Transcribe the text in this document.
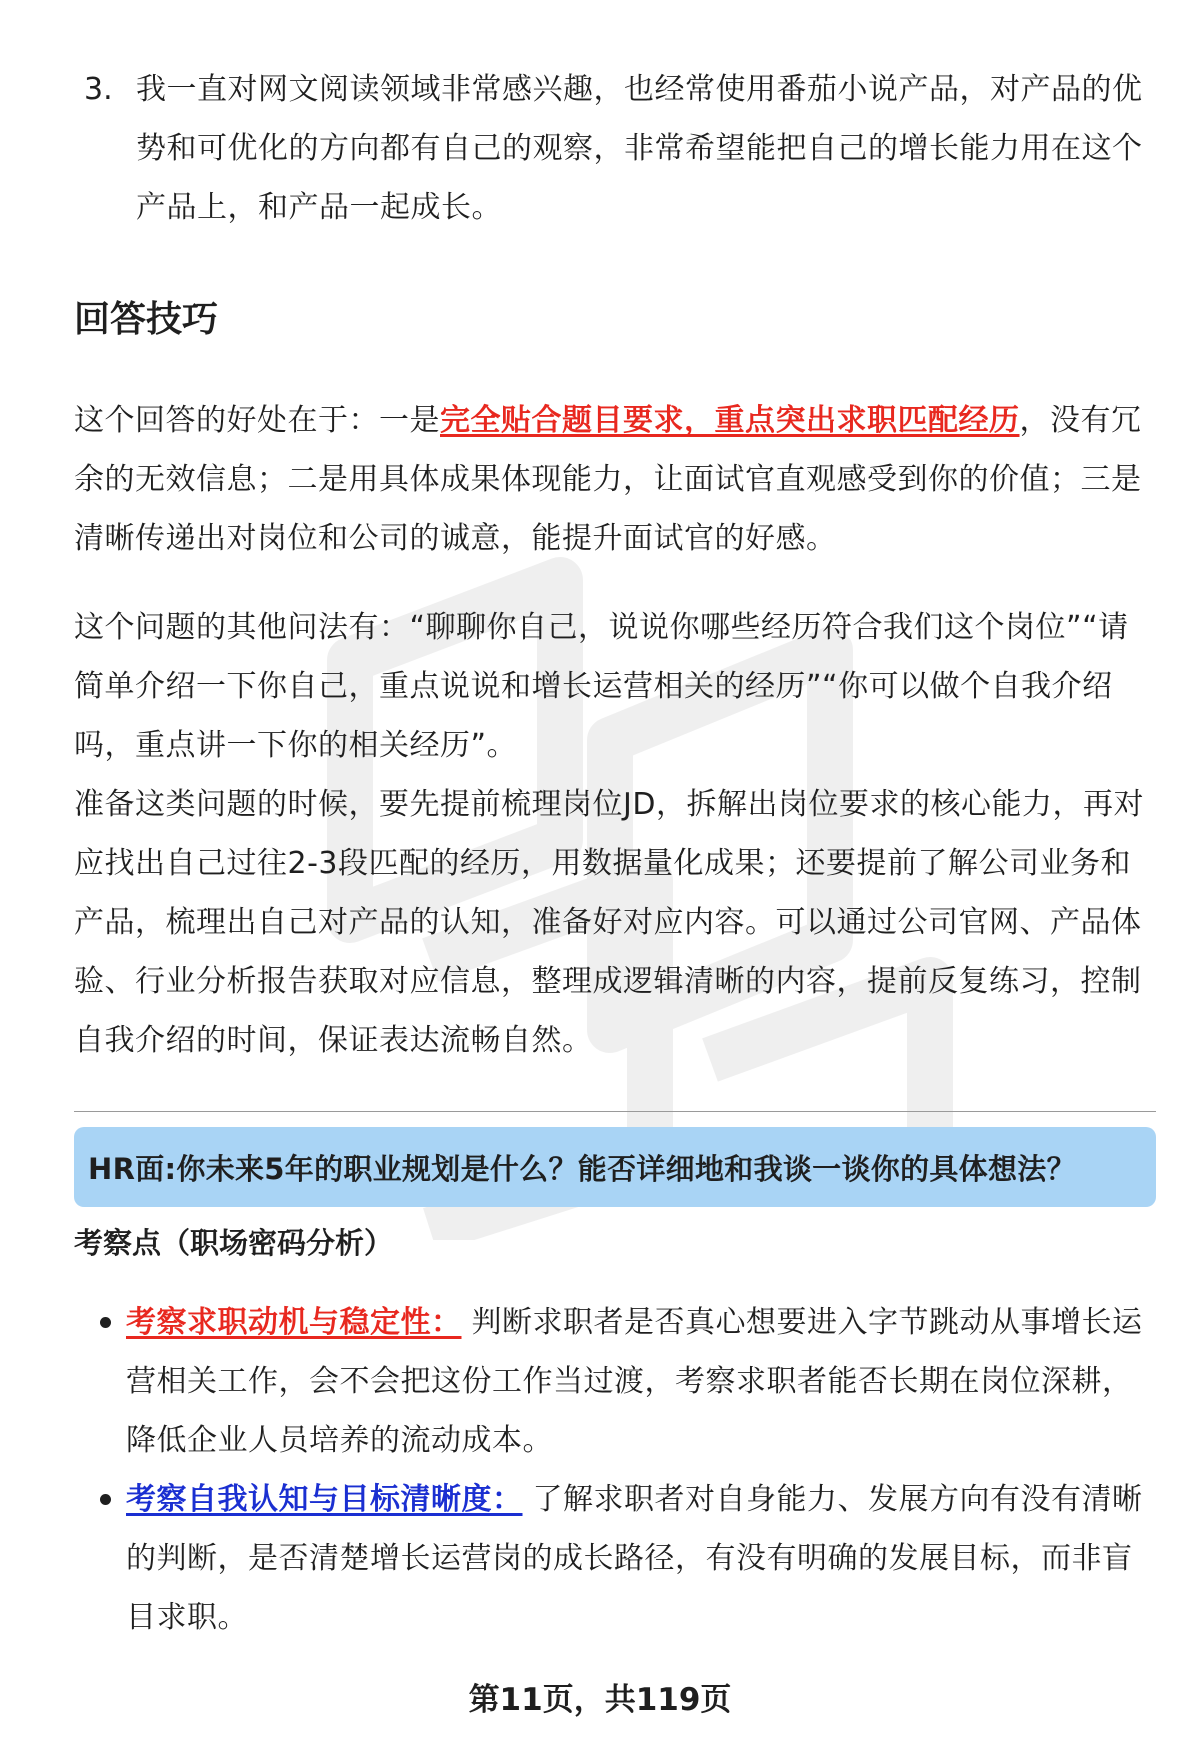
3. 我一直对网文阅读领域非常感兴趣，也经常使用番茄小说产品，对产品的优势和可优化的方向都有自己的观察，非常希望能把自己的增长能力用在这个产品上，和产品一起成长。
回答技巧

这个回答的好处在于：一是完全贴合题目要求，重点突出求职匹配经历，没有冗余的无效信息；二是用具体成果体现能力，让面试官直观感受到你的价值；三是清晰传递出对岗位和公司的诚意，能提升面试官的好感。

这个问题的其他问法有：“聊聊你自己，说说你哪些经历符合我们这个岗位”“请简单介绍一下你自己，重点说说和增长运营相关的经历”“你可以做个自我介绍吗，重点讲一下你的相关经历”。

准备这类问题的时候，要先提前梳理岗位JD，拆解出岗位要求的核心能力，再对应找出自己过往2-3段匹配的经历，用数据量化成果；还要提前了解公司业务和产品，梳理出自己对产品的认知，准备好对应内容。可以通过公司官网、产品体验、行业分析报告获取对应信息，整理成逻辑清晰的内容，提前反复练习，控制自我介绍的时间，保证表达流畅自然。

HR面:你未来5年的职业规划是什么？能否详细地和我谈一谈你的具体想法？
考察点（职场密码分析）
考察求职动机与稳定性： 判断求职者是否真心想要进入字节跳动从事增长运营相关工作，会不会把这份工作当过渡，考察求职者能否长期在岗位深耕，降低企业人员培养的流动成本。
考察自我认知与目标清晰度： 了解求职者对自身能力、发展方向有没有清晰的判断，是否清楚增长运营岗的成长路径，有没有明确的发展目标，而非盲目求职。
第11页，共119页
